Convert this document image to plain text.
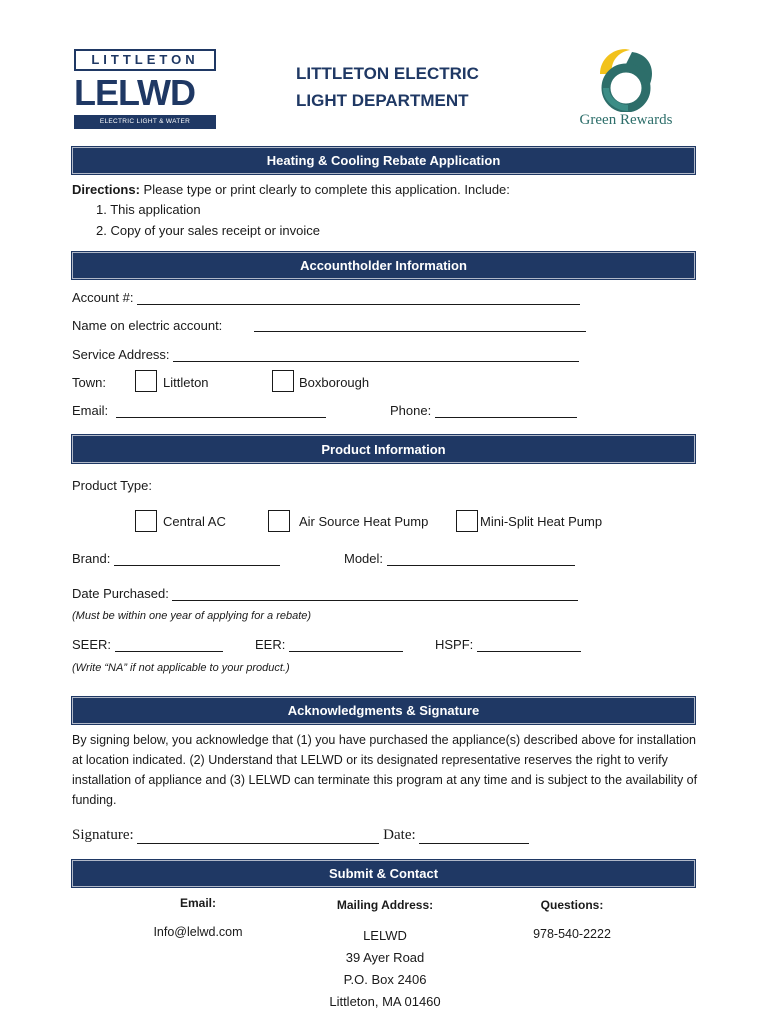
LITTLETON
LELWD
ELECTRIC LIGHT & WATER DEPARTMENTS
LITTLETON ELECTRIC
LIGHT DEPARTMENT
Green Rewards
Heating & Cooling Rebate Application
Directions: Please type or print clearly to complete this application. Include:
1. This application
2. Copy of your sales receipt or invoice
Accountholder Information
Account #:
Name on electric account:
Service Address:
Town:	Littleton	Boxborough
Email:	Phone:
Product Information
Product Type:
Central AC	Air Source Heat Pump	Mini-Split Heat Pump
Brand:	Model:
Date Purchased:
(Must be within one year of applying for a rebate)
SEER:	EER:	HSPF:
(Write “NA” if not applicable to your product.)
Acknowledgments & Signature
By signing below, you acknowledge that (1) you have purchased the appliance(s) described above for installation at location indicated. (2) Understand that LELWD or its designated representative reserves the right to verify installation of appliance and (3) LELWD can terminate this program at any time and is subject to the availability of funding.
Signature:	Date:
Submit & Contact
Email:
Info@lelwd.com
Mailing Address:
LELWD
39 Ayer Road
P.O. Box 2406
Littleton, MA 01460
Questions:
978-540-2222
